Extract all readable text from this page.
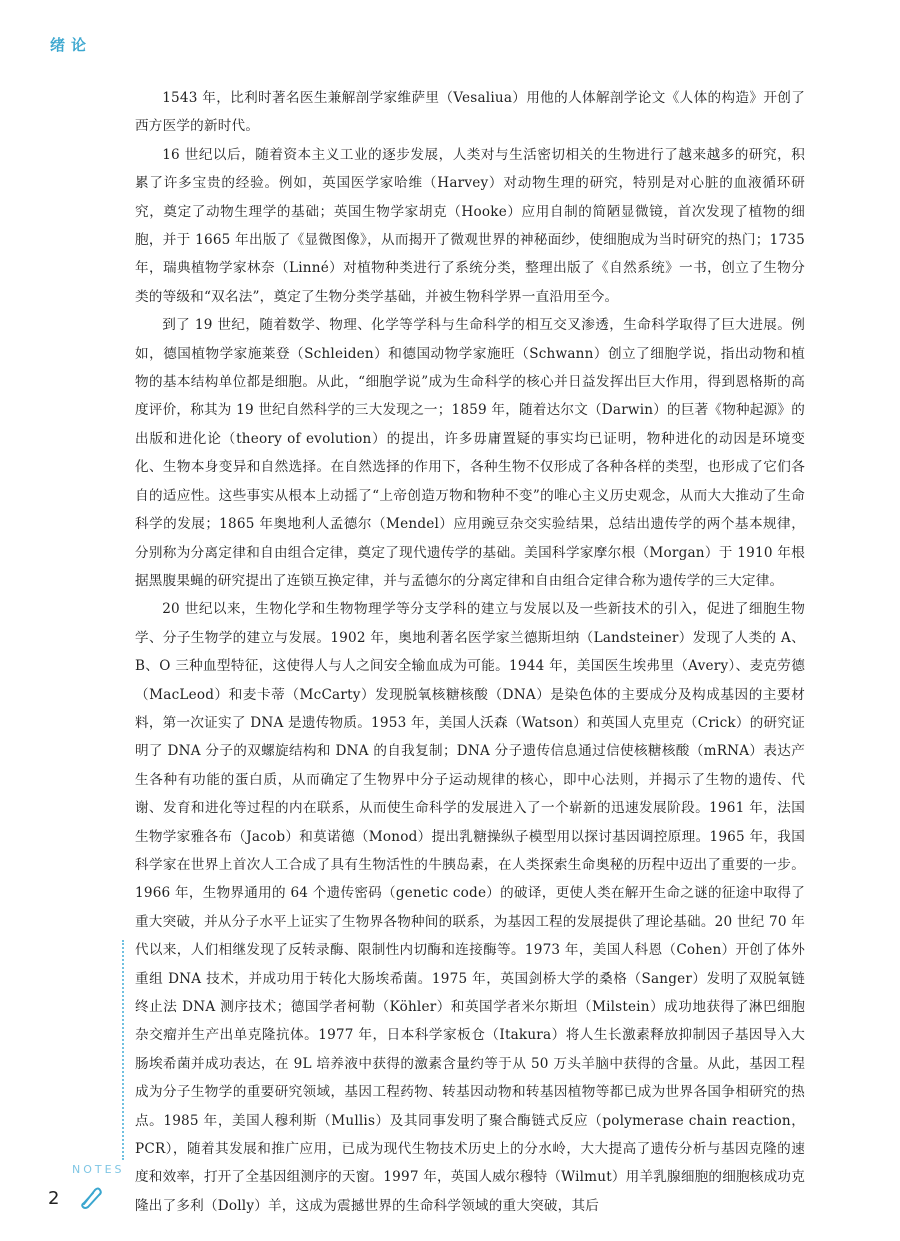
绪论

1543 年，比利时著名医生兼解剖学家维萨里（Vesaliua）用他的人体解剖学论文《人体的构造》开创了西方医学的新时代。

16 世纪以后，随着资本主义工业的逐步发展，人类对与生活密切相关的生物进行了越来越多的研究，积累了许多宝贵的经验。例如，英国医学家哈维（Harvey）对动物生理的研究，特别是对心脏的血液循环研究，奠定了动物生理学的基础；英国生物学家胡克（Hooke）应用自制的简陋显微镜，首次发现了植物的细胞，并于 1665 年出版了《显微图像》，从而揭开了微观世界的神秘面纱，使细胞成为当时研究的热门；1735 年，瑞典植物学家林奈（Linné）对植物种类进行了系统分类，整理出版了《自然系统》一书，创立了生物分类的等级和“双名法”，奠定了生物分类学基础，并被生物科学界一直沿用至今。

到了 19 世纪，随着数学、物理、化学等学科与生命科学的相互交叉渗透，生命科学取得了巨大进展。例如，德国植物学家施莱登（Schleiden）和德国动物学家施旺（Schwann）创立了细胞学说，指出动物和植物的基本结构单位都是细胞。从此，“细胞学说”成为生命科学的核心并日益发挥出巨大作用，得到恩格斯的高度评价，称其为 19 世纪自然科学的三大发现之一；1859 年，随着达尔文（Darwin）的巨著《物种起源》的出版和进化论（theory of evolution）的提出，许多毋庸置疑的事实均已证明，物种进化的动因是环境变化、生物本身变异和自然选择。在自然选择的作用下，各种生物不仅形成了各种各样的类型，也形成了它们各自的适应性。这些事实从根本上动摇了“上帝创造万物和物种不变”的唯心主义历史观念，从而大大推动了生命科学的发展；1865 年奥地利人孟德尔（Mendel）应用豌豆杂交实验结果，总结出遗传学的两个基本规律，分别称为分离定律和自由组合定律，奠定了现代遗传学的基础。美国科学家摩尔根（Morgan）于 1910 年根据黑腹果蝇的研究提出了连锁互换定律，并与孟德尔的分离定律和自由组合定律合称为遗传学的三大定律。

20 世纪以来，生物化学和生物物理学等分支学科的建立与发展以及一些新技术的引入，促进了细胞生物学、分子生物学的建立与发展。1902 年，奥地利著名医学家兰德斯坦纳（Landsteiner）发现了人类的 A、B、O 三种血型特征，这使得人与人之间安全输血成为可能。1944 年，美国医生埃弗里（Avery）、麦克劳德（MacLeod）和麦卡蒂（McCarty）发现脱氧核糖核酸（DNA）是染色体的主要成分及构成基因的主要材料，第一次证实了 DNA 是遗传物质。1953 年，美国人沃森（Watson）和英国人克里克（Crick）的研究证明了 DNA 分子的双螺旋结构和 DNA 的自我复制；DNA 分子遗传信息通过信使核糖核酸（mRNA）表达产生各种有功能的蛋白质，从而确定了生物界中分子运动规律的核心，即中心法则，并揭示了生物的遗传、代谢、发育和进化等过程的内在联系，从而使生命科学的发展进入了一个崭新的迅速发展阶段。1961 年，法国生物学家雅各布（Jacob）和莫诺德（Monod）提出乳糖操纵子模型用以探讨基因调控原理。1965 年，我国科学家在世界上首次人工合成了具有生物活性的牛胰岛素，在人类探索生命奥秘的历程中迈出了重要的一步。1966 年，生物界通用的 64 个遗传密码（genetic code）的破译，更使人类在解开生命之谜的征途中取得了重大突破，并从分子水平上证实了生物界各物种间的联系，为基因工程的发展提供了理论基础。20 世纪 70 年代以来，人们相继发现了反转录酶、限制性内切酶和连接酶等。1973 年，美国人科恩（Cohen）开创了体外重组 DNA 技术，并成功用于转化大肠埃希菌。1975 年，英国剑桥大学的桑格（Sanger）发明了双脱氧链终止法 DNA 测序技术；德国学者柯勒（Köhler）和英国学者米尔斯坦（Milstein）成功地获得了淋巴细胞杂交瘤并生产出单克隆抗体。1977 年，日本科学家板仓（Itakura）将人生长激素释放抑制因子基因导入大肠埃希菌并成功表达，在 9L 培养液中获得的激素含量约等于从 50 万头羊脑中获得的含量。从此，基因工程成为分子生物学的重要研究领域，基因工程药物、转基因动物和转基因植物等都已成为世界各国争相研究的热点。1985 年，美国人穆利斯（Mullis）及其同事发明了聚合酶链式反应（polymerase chain reaction，PCR），随着其发展和推广应用，已成为现代生物技术历史上的分水岭，大大提高了遗传分析与基因克隆的速度和效率，打开了全基因组测序的天窗。1997 年，英国人威尔穆特（Wilmut）用羊乳腺细胞的细胞核成功克隆出了多利（Dolly）羊，这成为震撼世界的生命科学领域的重大突破，其后

NOTES
2
